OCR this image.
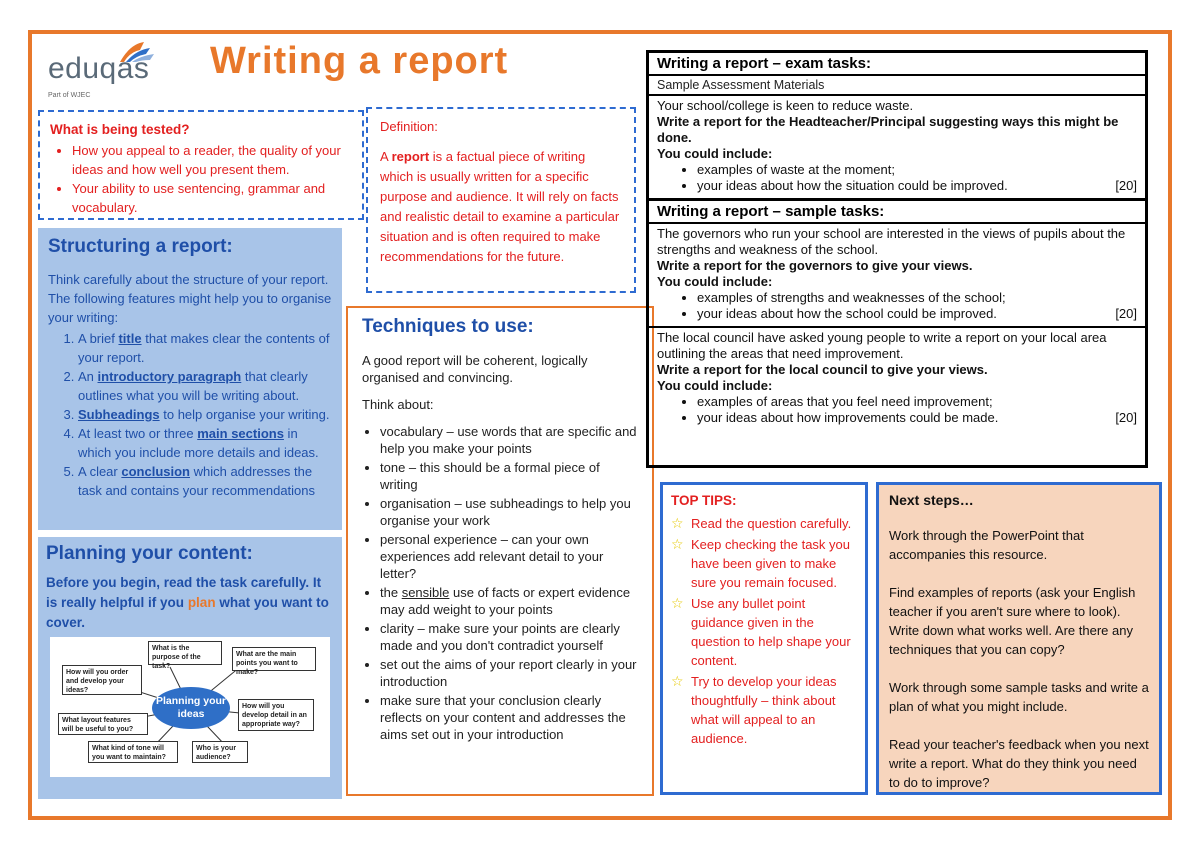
eduqas
Part of WJEC
Writing a report
What is being tested?
• How you appeal to a reader, the quality of your ideas and how well you present them.
• Your ability to use sentencing, grammar and vocabulary.
Definition:
A report is a factual piece of writing which is usually written for a specific purpose and audience. It will rely on facts and realistic detail to examine a particular situation and is often required to make recommendations for the future.
Structuring a report:

Think carefully about the structure of your report. The following features might help you to organise your writing:

1. A brief title that makes clear the contents of your report.
2. An introductory paragraph that clearly outlines what you will be writing about.
3. Subheadings to help organise your writing.
4. At least two or three main sections in which you include more details and ideas.
5. A clear conclusion which addresses the task and contains your recommendations
Planning your content:

Before you begin, read the task carefully. It is really helpful if you plan what you want to cover.

What is the purpose of the task?
What are the main points you want to make?
How will you order and develop your ideas?
What layout features will be useful to you?
How will you develop detail in an appropriate way?
What kind of tone will you want to maintain?
Who is your audience?
Planning your ideas
Techniques to use:

A good report will be coherent, logically organised and convincing.

Think about:

• vocabulary – use words that are specific and help you make your points
• tone – this should be a formal piece of writing
• organisation – use subheadings to help you organise your work
• personal experience – can your own experiences add relevant detail to your letter?
• the sensible use of facts or expert evidence may add weight to your points
• clarity – make sure your points are clearly made and you don't contradict yourself
• set out the aims of your report clearly in your introduction
• make sure that your conclusion clearly reflects on your content and addresses the aims set out in your introduction
Writing a report – exam tasks:
Sample Assessment Materials
Your school/college is keen to reduce waste.
Write a report for the Headteacher/Principal suggesting ways this might be done.
You could include:
• examples of waste at the moment;
• your ideas about how the situation could be improved.	[20]
Writing a report – sample tasks:
The governors who run your school are interested in the views of pupils about the strengths and weakness of the school.
Write a report for the governors to give your views.
You could include:
• examples of strengths and weaknesses of the school;
• your ideas about how the school could be improved.	[20]
The local council have asked young people to write a report on your local area outlining the areas that need improvement.
Write a report for the local council to give your views.
You could include:
• examples of areas that you feel need improvement;
• your ideas about how improvements could be made.	[20]
TOP TIPS:
☆ Read the question carefully.
☆ Keep checking the task you have been given to make sure you remain focused.
☆ Use any bullet point guidance given in the question to help shape your content.
☆ Try to develop your ideas thoughtfully – think about what will appeal to an audience.
Next steps…

Work through the PowerPoint that accompanies this resource.

Find examples of reports (ask your English teacher if you aren't sure where to look). Write down what works well. Are there any techniques that you can copy?

Work through some sample tasks and write a plan of what you might include.

Read your teacher's feedback when you next write a report. What do they think you need to do to improve?
